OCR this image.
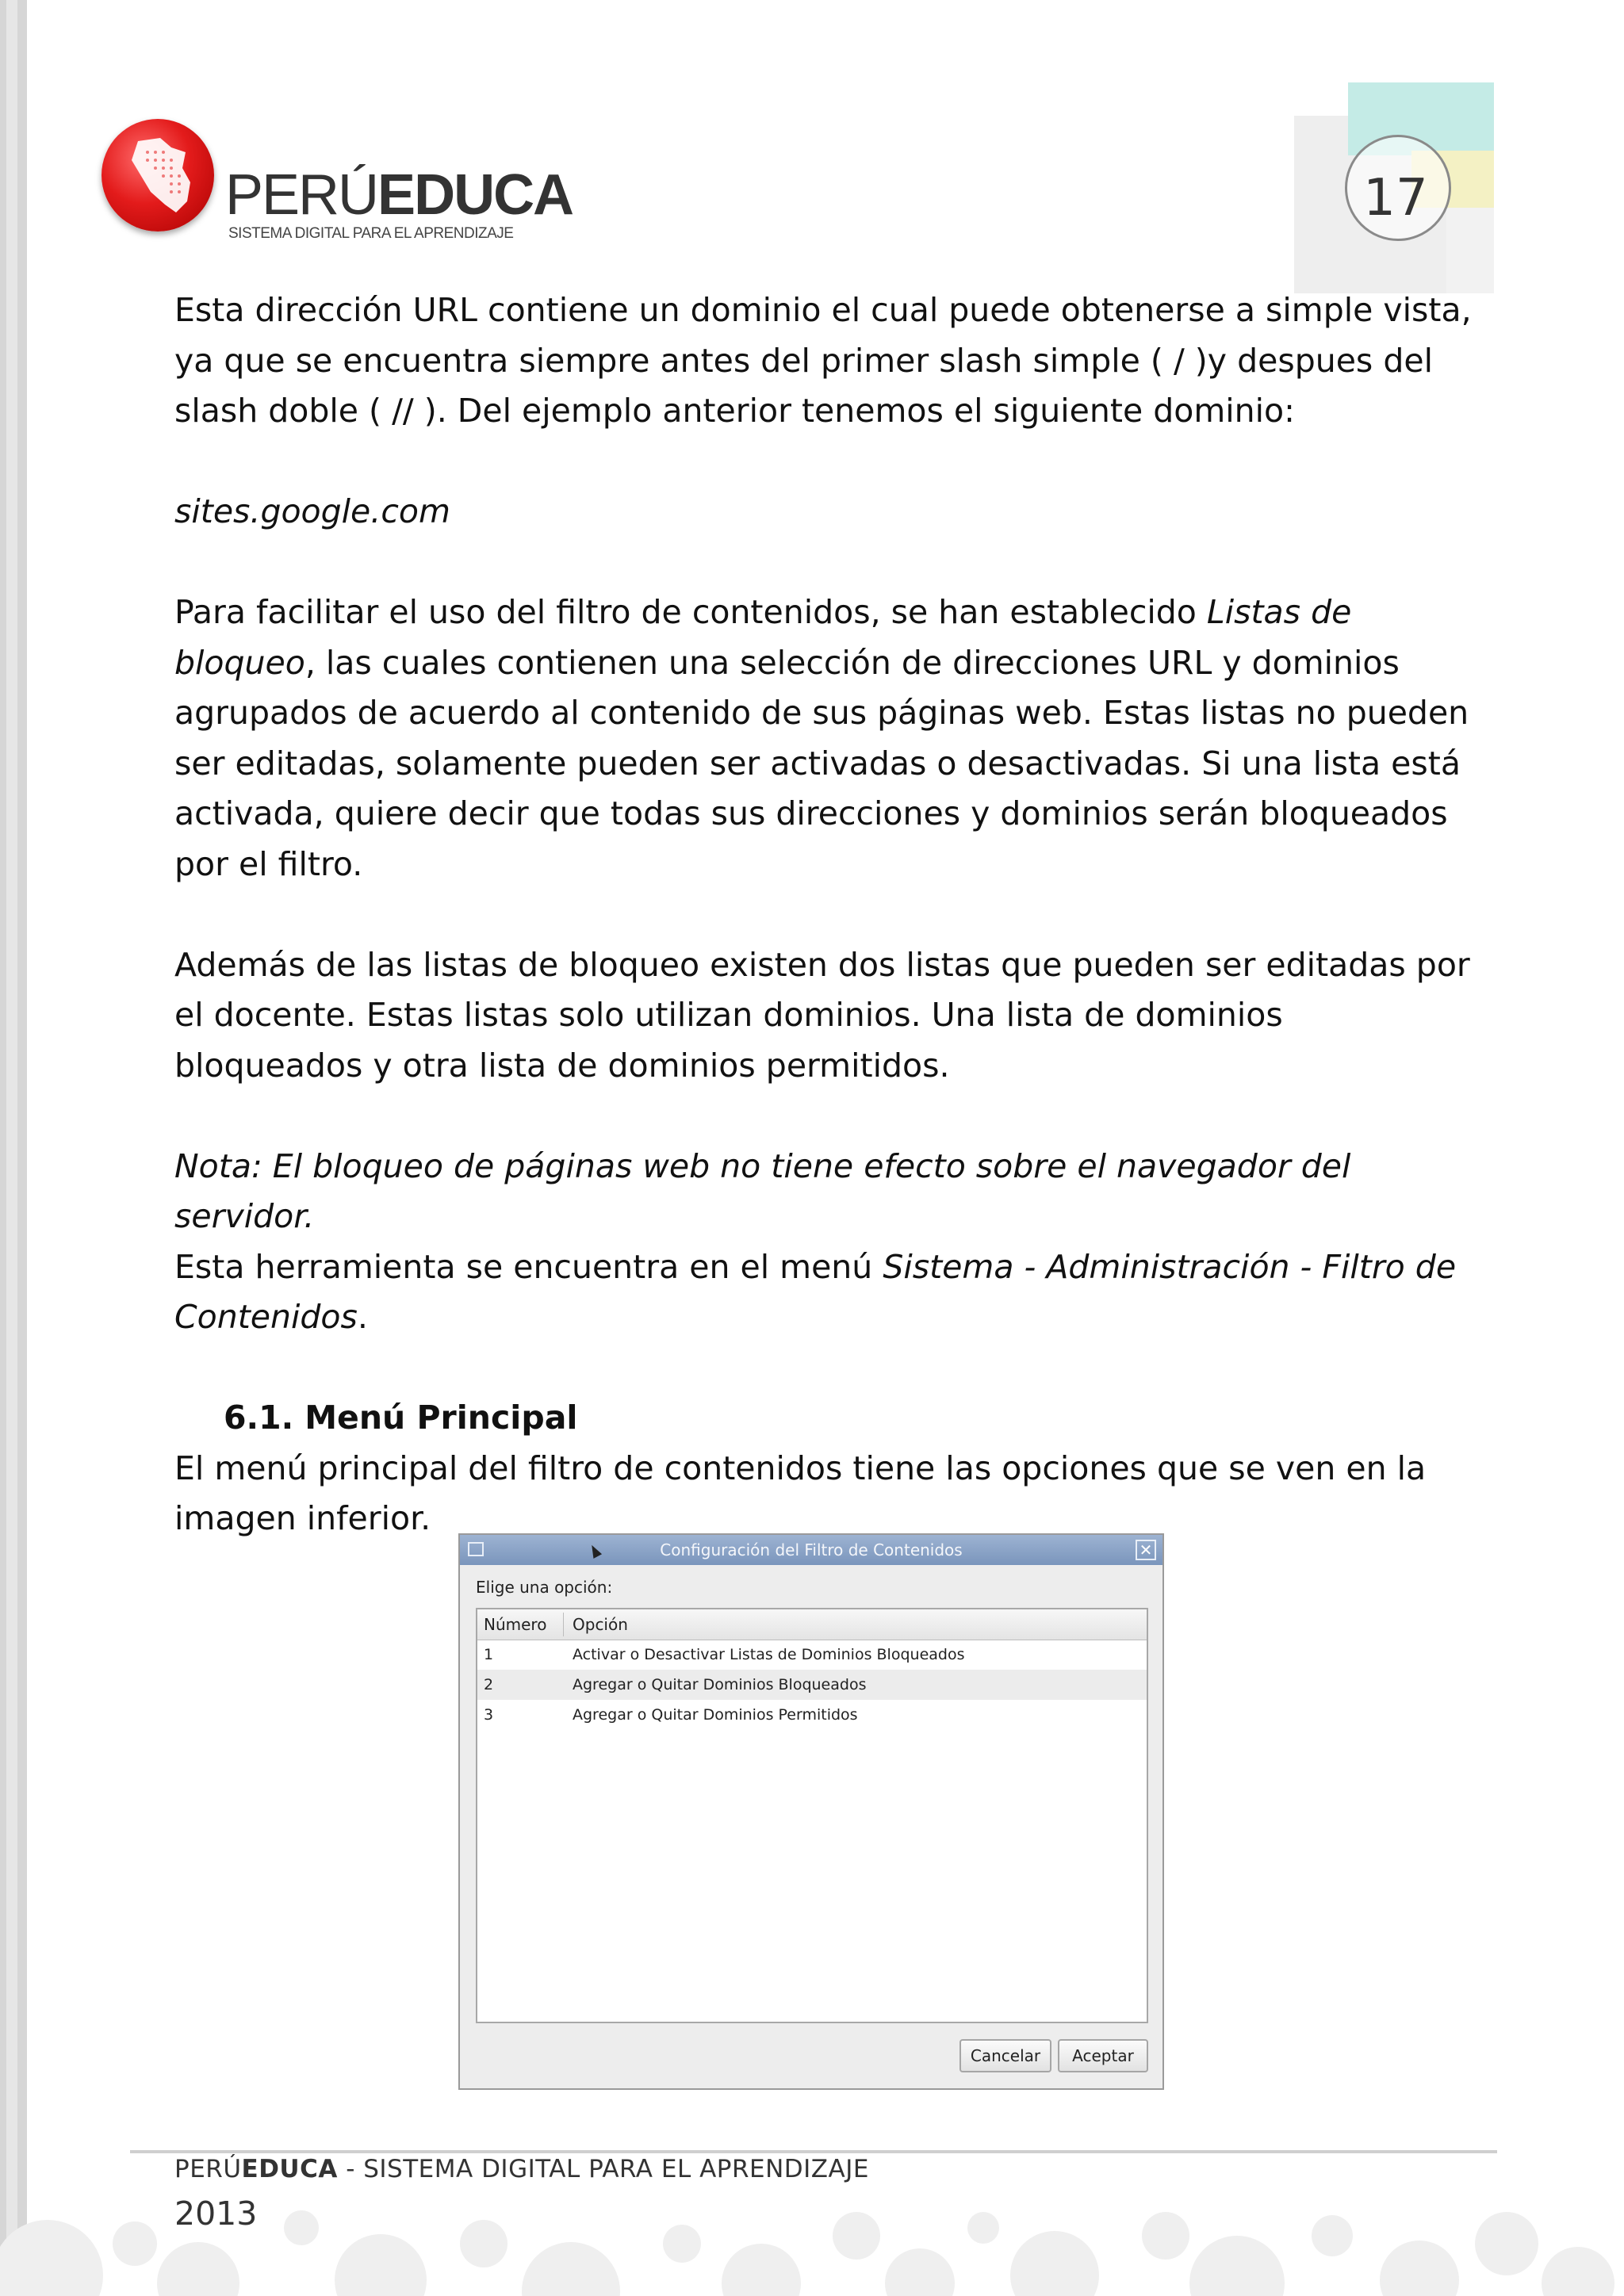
17
PERÚEDUCA
SISTEMA DIGITAL PARA EL APRENDIZAJE

Esta dirección URL contiene un dominio el cual puede obtenerse a simple vista,

ya que se encuentra siempre antes del primer slash simple ( / )y despues del

slash doble ( // ). Del ejemplo anterior tenemos el siguiente dominio:

sites.google.com

Para facilitar el uso del filtro de contenidos, se han establecido Listas de

bloqueo, las cuales contienen una selección de direcciones URL y dominios

agrupados de acuerdo al contenido de sus páginas web. Estas listas no pueden

ser editadas, solamente pueden ser activadas o desactivadas. Si una lista está

activada, quiere decir que todas sus direcciones y dominios serán bloqueados

por el filtro.

Además de las listas de bloqueo existen dos listas que pueden ser editadas por

el docente. Estas listas solo utilizan dominios. Una lista de dominios

bloqueados y otra lista de dominios permitidos.

Nota: El bloqueo de páginas web no tiene efecto sobre el navegador del

servidor.

Esta herramienta se encuentra en el menú Sistema - Administración - Filtro de

Contenidos.

6.1. Menú Principal

El menú principal del filtro de contenidos tiene las opciones que se ven en la

imagen inferior.

Configuración del Filtro de Contenidos	✕
Elige una opción:
Número Opción
1	Activar o Desactivar Listas de Dominios Bloqueados
2	Agregar o Quitar Dominios Bloqueados
3	Agregar o Quitar Dominios Permitidos
Cancelar	Aceptar
PERÚEDUCA - SISTEMA DIGITAL PARA EL APRENDIZAJE
2013
